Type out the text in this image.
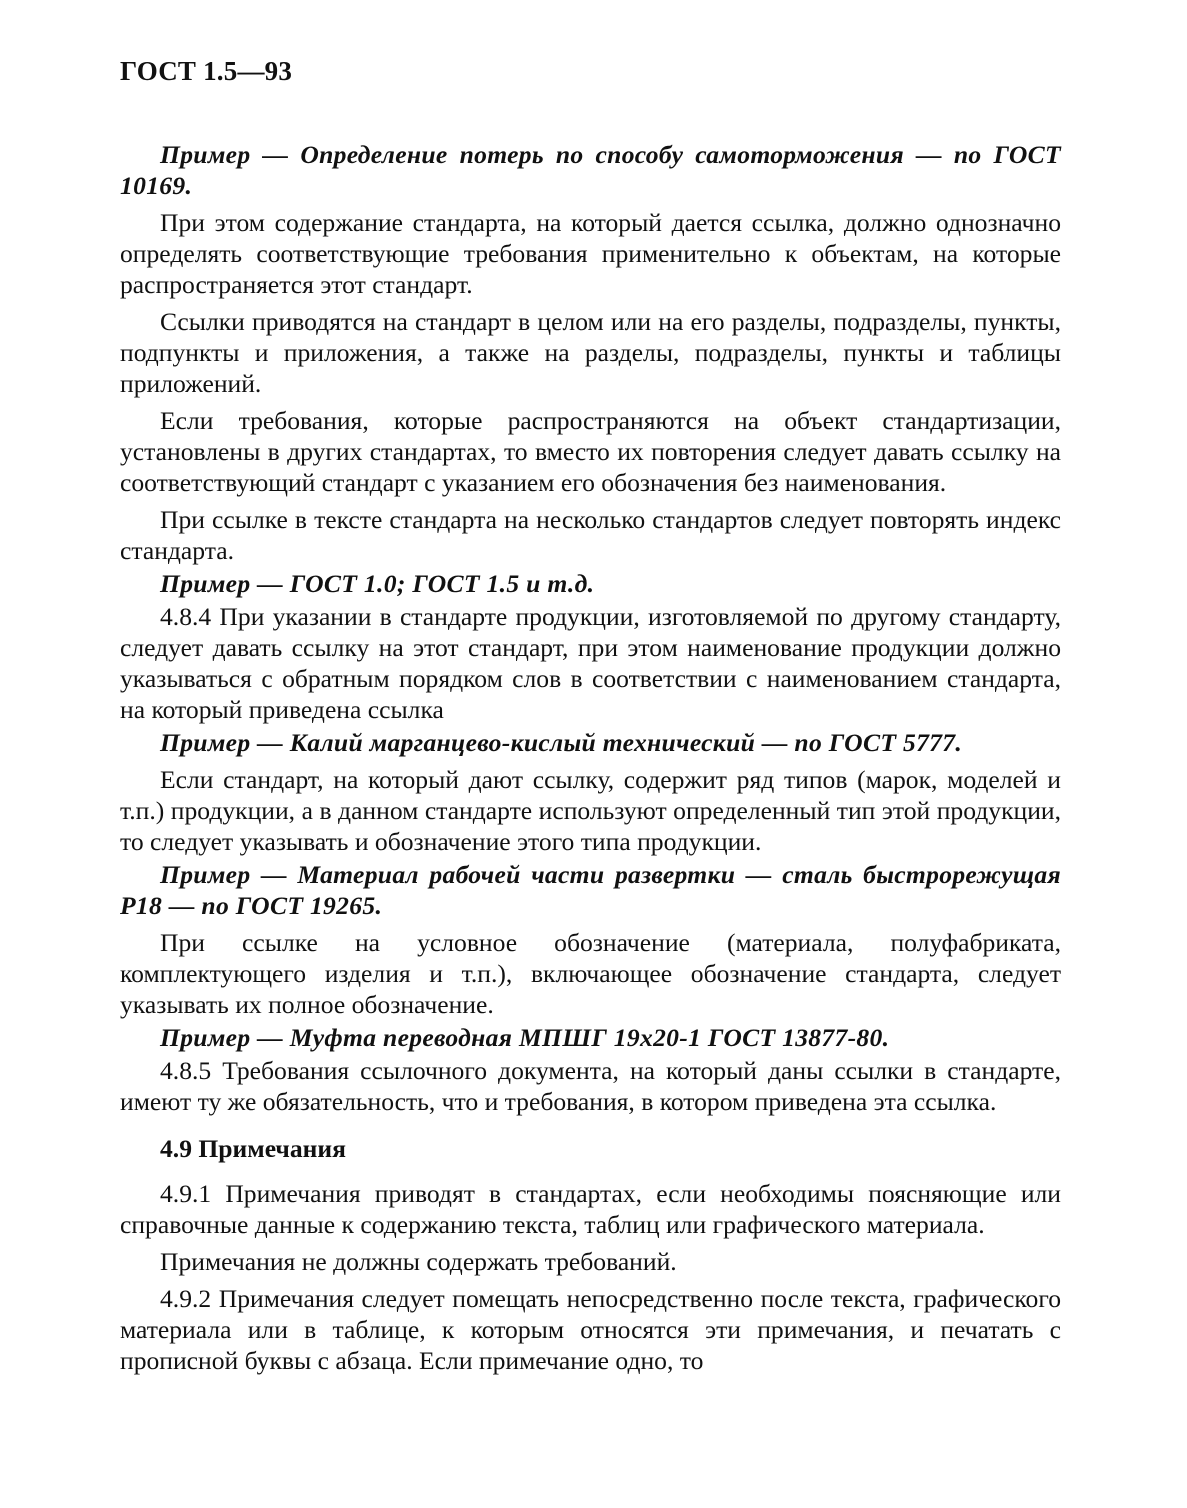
ГОСТ 1.5—93
Пример — Определение потерь по способу самоторможения — по ГОСТ 10169.
При этом содержание стандарта, на который дается ссылка, должно однозначно определять соответствующие требования применительно к объектам, на которые распространяется этот стандарт.
Ссылки приводятся на стандарт в целом или на его разделы, подразделы, пункты, подпункты и приложения, а также на разделы, подразделы, пункты и таблицы приложений.
Если требования, которые распространяются на объект стандартизации, установлены в других стандартах, то вместо их повторения следует давать ссылку на соответствующий стандарт с указанием его обозначения без наименования.
При ссылке в тексте стандарта на несколько стандартов следует повторять индекс стандарта.
Пример — ГОСТ 1.0; ГОСТ 1.5 и т.д.
4.8.4 При указании в стандарте продукции, изготовляемой по другому стандарту, следует давать ссылку на этот стандарт, при этом наименование продукции должно указываться с обратным порядком слов в соответствии с наименованием стандарта, на который приведена ссылка
Пример — Калий марганцево-кислый технический — по ГОСТ 5777.
Если стандарт, на который дают ссылку, содержит ряд типов (марок, моделей и т.п.) продукции, а в данном стандарте используют определенный тип этой продукции, то следует указывать и обозначение этого типа продукции.
Пример — Материал рабочей части развертки — сталь быстрорежущая Р18 — по ГОСТ 19265.
При ссылке на условное обозначение (материала, полуфабриката, комплектующего изделия и т.п.), включающее обозначение стандарта, следует указывать их полное обозначение.
Пример — Муфта переводная МПШГ 19х20-1 ГОСТ 13877-80.
4.8.5 Требования ссылочного документа, на который даны ссылки в стандарте, имеют ту же обязательность, что и требования, в котором приведена эта ссылка.
4.9 Примечания
4.9.1 Примечания приводят в стандартах, если необходимы поясняющие или справочные данные к содержанию текста, таблиц или графического материала.
Примечания не должны содержать требований.
4.9.2 Примечания следует помещать непосредственно после текста, графического материала или в таблице, к которым относятся эти примечания, и печатать с прописной буквы с абзаца. Если примечание одно, то
